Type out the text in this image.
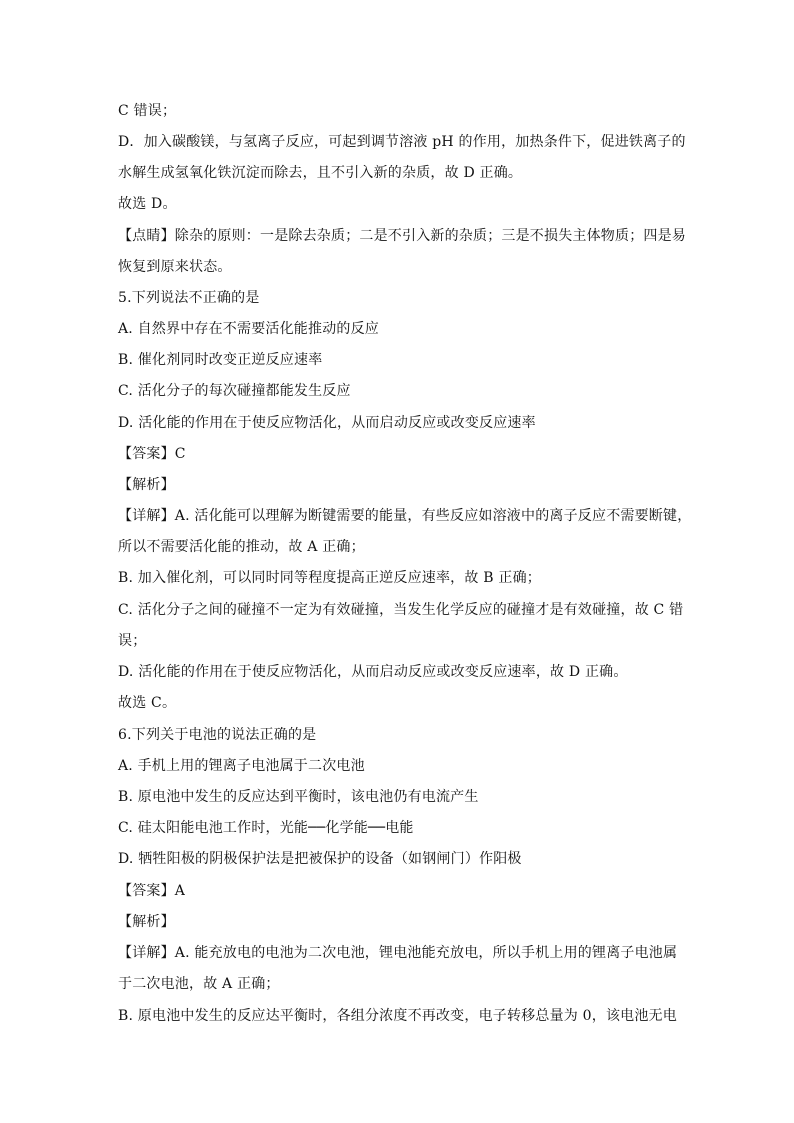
C 错误；
D．加入碳酸镁，与氢离子反应，可起到调节溶液 pH 的作用，加热条件下，促进铁离子的
水解生成氢氧化铁沉淀而除去，且不引入新的杂质，故 D 正确。
故选 D。
【点睛】除杂的原则：一是除去杂质；二是不引入新的杂质；三是不损失主体物质；四是易
恢复到原来状态。
5.下列说法不正确的是
A. 自然界中存在不需要活化能推动的反应
B. 催化剂同时改变正逆反应速率
C. 活化分子的每次碰撞都能发生反应
D. 活化能的作用在于使反应物活化，从而启动反应或改变反应速率
【答案】C
【解析】
【详解】A. 活化能可以理解为断键需要的能量，有些反应如溶液中的离子反应不需要断键，
所以不需要活化能的推动，故 A 正确；
B. 加入催化剂，可以同时同等程度提高正逆反应速率，故 B 正确；
C. 活化分子之间的碰撞不一定为有效碰撞，当发生化学反应的碰撞才是有效碰撞，故 C 错
误；
D. 活化能的作用在于使反应物活化，从而启动反应或改变反应速率，故 D 正确。
故选 C。
6.下列关于电池的说法正确的是
A. 手机上用的锂离子电池属于二次电池
B. 原电池中发生的反应达到平衡时，该电池仍有电流产生
C. 硅太阳能电池工作时，光能──化学能──电能
D. 牺牲阳极的阴极保护法是把被保护的设备（如钢闸门）作阳极
【答案】A
【解析】
【详解】A. 能充放电的电池为二次电池，锂电池能充放电，所以手机上用的锂离子电池属
于二次电池，故 A 正确；
B. 原电池中发生的反应达平衡时，各组分浓度不再改变，电子转移总量为 0，该电池无电
